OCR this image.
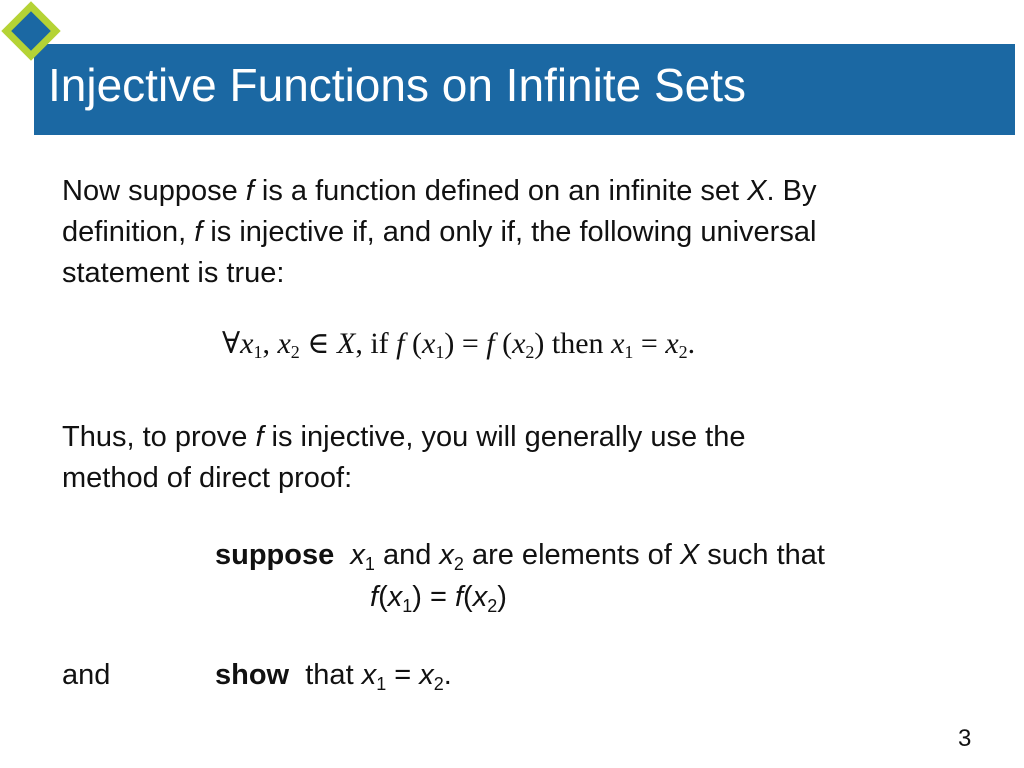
Injective Functions on Infinite Sets
Now suppose f is a function defined on an infinite set X. By
definition, f is injective if, and only if, the following universal
statement is true:
$\forall x_1$, $x_2$ ∈ X, if f $(x_1) = f$ $(x_2)$ then $x_1 = x_2$.
Thus, to prove f is injective, you will generally use the
method of direct proof:
suppose $x_1$ and $x_2$ are elements of X such that
$f(x_1) = f(x_2)$
and	show that $x_1 = x_2$.
3
